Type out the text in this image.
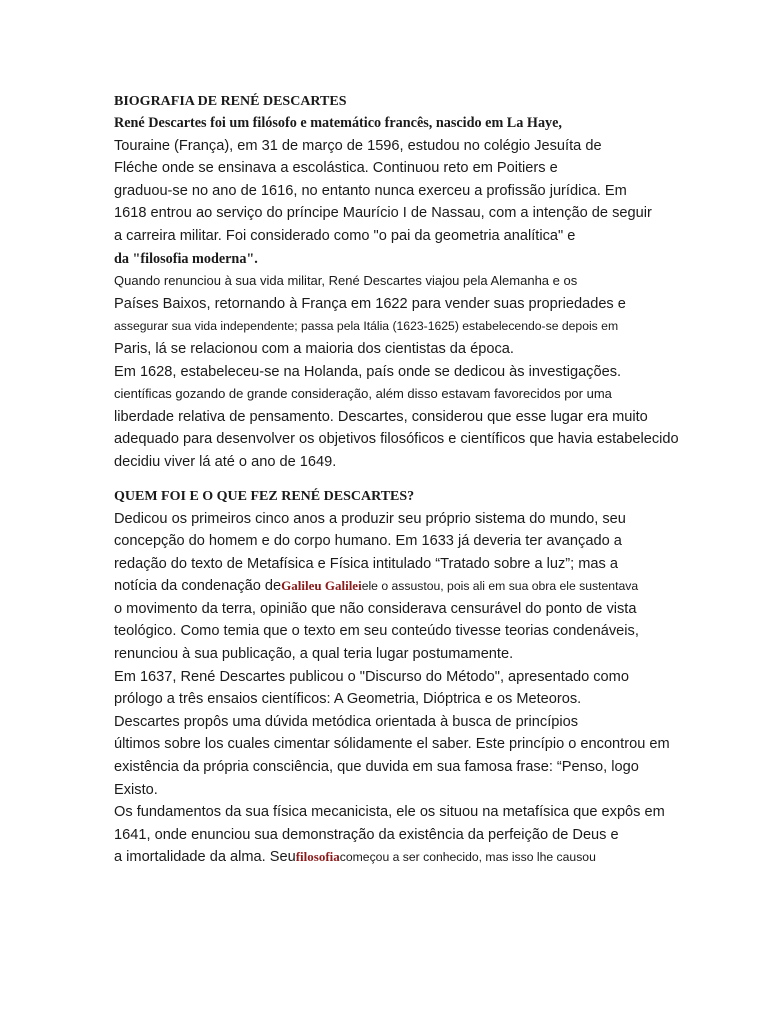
BIOGRAFIA DE RENÉ DESCARTES
René Descartes foi um filósofo e matemático francês, nascido em La Haye,
Touraine (França), em 31 de março de 1596, estudou no colégio Jesuíta de
Fléche onde se ensinava a escolástica. Continuou reto em Poitiers e
graduou-se no ano de 1616, no entanto nunca exerceu a profissão jurídica. Em
1618 entrou ao serviço do príncipe Maurício I de Nassau, com a intenção de seguir
a carreira militar. Foi considerado como "o pai da geometria analítica" e
da "filosofia moderna".
Quando renunciou à sua vida militar, René Descartes viajou pela Alemanha e os
Países Baixos, retornando à França em 1622 para vender suas propriedades e
assegurar sua vida independente; passa pela Itália (1623-1625) estabelecendo-se depois em
Paris, lá se relacionou com a maioria dos cientistas da época.
Em 1628, estabeleceu-se na Holanda, país onde se dedicou às investigações.
científicas gozando de grande consideração, além disso estavam favorecidos por uma
liberdade relativa de pensamento. Descartes, considerou que esse lugar era muito
adequado para desenvolver os objetivos filosóficos e científicos que havia estabelecido
decidiu viver lá até o ano de 1649.
QUEM FOI E O QUE FEZ RENÉ DESCARTES?
Dedicou os primeiros cinco anos a produzir seu próprio sistema do mundo, seu
concepção do homem e do corpo humano. Em 1633 já deveria ter avançado a
redação do texto de Metafísica e Física intitulado “Tratado sobre a luz”; mas a
notícia da condenação deGalileu Galileiele o assustou, pois ali em sua obra ele sustentava
o movimento da terra, opinião que não considerava censurável do ponto de vista
teológico. Como temia que o texto em seu conteúdo tivesse teorias condenáveis,
renunciou à sua publicação, a qual teria lugar postumamente.
Em 1637, René Descartes publicou o "Discurso do Método", apresentado como
prólogo a três ensaios científicos: A Geometria, Dióptrica e os Meteoros.
Descartes propôs uma dúvida metódica orientada à busca de princípios
últimos sobre los cuales cimentar sólidamente el saber. Este princípio o encontrou em
existência da própria consciência, que duvida em sua famosa frase: “Penso, logo
Existo.
Os fundamentos da sua física mecanicista, ele os situou na metafísica que expôs em
1641, onde enunciou sua demonstração da existência da perfeição de Deus e
a imortalidade da alma. Seufilosofiacomeçou a ser conhecido, mas isso lhe causou
